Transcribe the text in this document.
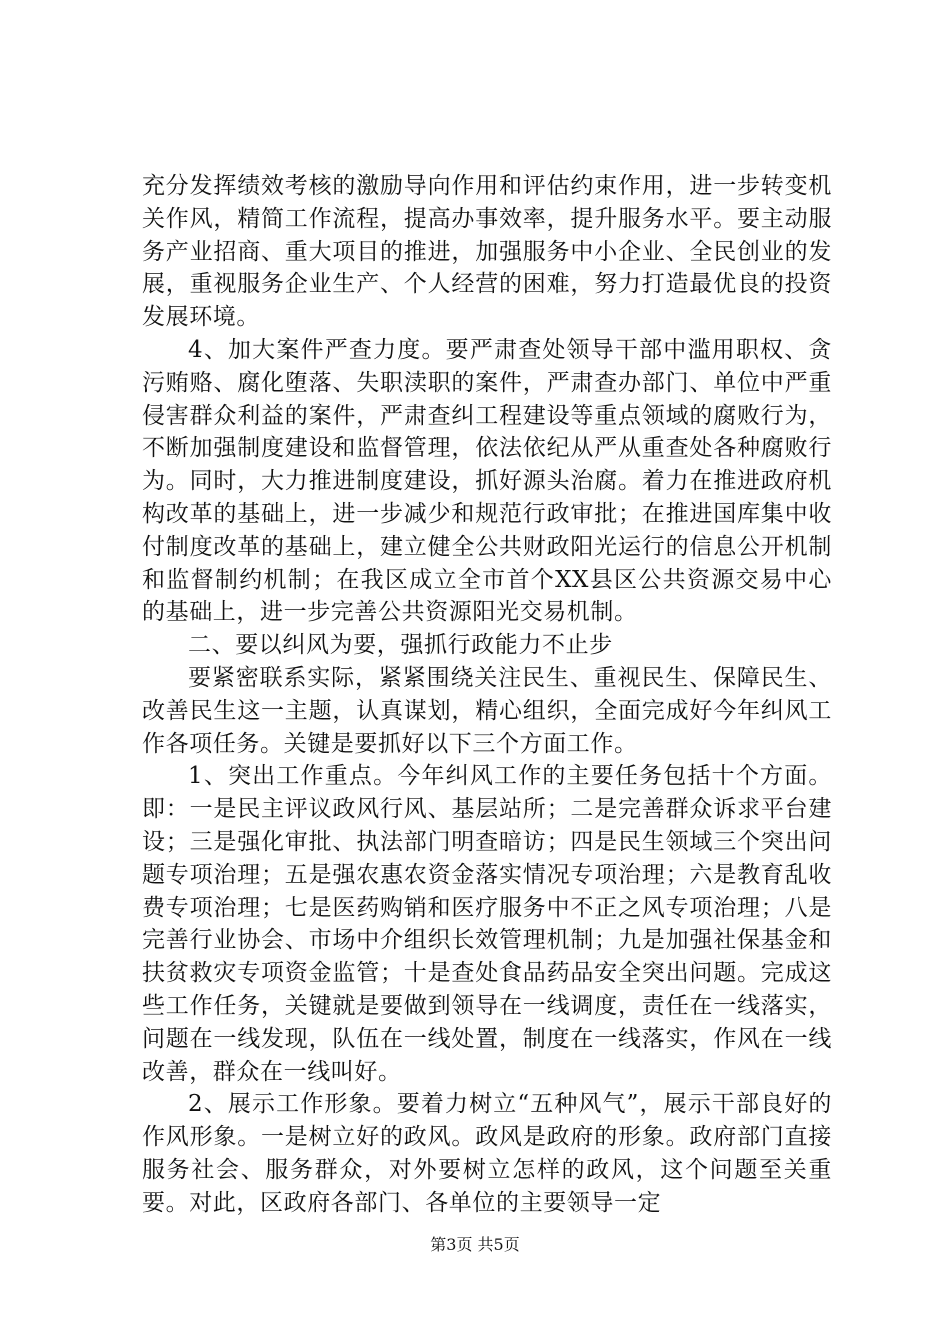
充分发挥绩效考核的激励导向作用和评估约束作用，进一步转变机关作风，精简工作流程，提高办事效率，提升服务水平。要主动服务产业招商、重大项目的推进，加强服务中小企业、全民创业的发展，重视服务企业生产、个人经营的困难，努力打造最优良的投资发展环境。

4、加大案件严查力度。要严肃查处领导干部中滥用职权、贪污贿赂、腐化堕落、失职渎职的案件，严肃查办部门、单位中严重侵害群众利益的案件，严肃查纠工程建设等重点领域的腐败行为，不断加强制度建设和监督管理，依法依纪从严从重查处各种腐败行为。同时，大力推进制度建设，抓好源头治腐。着力在推进政府机构改革的基础上，进一步减少和规范行政审批；在推进国库集中收付制度改革的基础上，建立健全公共财政阳光运行的信息公开机制和监督制约机制；在我区成立全市首个XX县区公共资源交易中心的基础上，进一步完善公共资源阳光交易机制。

二、要以纠风为要，强抓行政能力不止步

要紧密联系实际，紧紧围绕关注民生、重视民生、保障民生、改善民生这一主题，认真谋划，精心组织，全面完成好今年纠风工作各项任务。关键是要抓好以下三个方面工作。

1、突出工作重点。今年纠风工作的主要任务包括十个方面。即：一是民主评议政风行风、基层站所；二是完善群众诉求平台建设；三是强化审批、执法部门明查暗访；四是民生领域三个突出问题专项治理；五是强农惠农资金落实情况专项治理；六是教育乱收费专项治理；七是医药购销和医疗服务中不正之风专项治理；八是完善行业协会、市场中介组织长效管理机制；九是加强社保基金和扶贫救灾专项资金监管；十是查处食品药品安全突出问题。完成这些工作任务，关键就是要做到领导在一线调度，责任在一线落实，问题在一线发现，队伍在一线处置，制度在一线落实，作风在一线改善，群众在一线叫好。

2、展示工作形象。要着力树立“五种风气”，展示干部良好的作风形象。一是树立好的政风。政风是政府的形象。政府部门直接服务社会、服务群众，对外要树立怎样的政风，这个问题至关重要。对此，区政府各部门、各单位的主要领导一定

第3页 共5页
